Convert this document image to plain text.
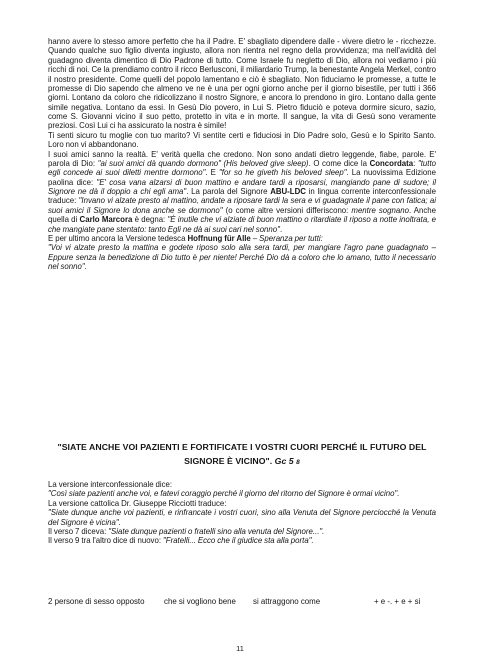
hanno avere lo stesso amore perfetto che ha il Padre. E' sbagliato dipendere dalle - vivere dietro le - ricchezze. Quando qualche suo figlio diventa ingiusto, allora non rientra nel regno della provvidenza; ma nell'avidità del guadagno diventa dimentico di Dio Padrone di tutto. Come Israele fu negletto di Dio, allora noi vediamo i più ricchi di noi. Ce la prendiamo contro il ricco Berlusconi, il miliardario Trump, la benestante Angela Merkel, contro il nostro presidente. Come quelli del popolo lamentano e ciò è sbagliato. Non fiduciamo le promesse, a tutte le promesse di Dio sapendo che almeno ve ne è una per ogni giorno anche per il giorno bisestile, per tutti i 366 giorni. Lontano da coloro che ridicolizzano il nostro Signore, e ancora lo prendono in giro. Lontano dalla gente simile negativa. Lontano da essi. In Gesù Dio povero, in Lui S. Pietro fiduciò e poteva dormire sicuro, sazio, come S. Giovanni vicino il suo petto, protetto in vita e in morte. Il sangue, la vita di Gesù sono veramente preziosi. Così Lui ci ha assicurato la nostra è simile!

Ti senti sicuro tu moglie con tuo marito? Vi sentite certi e fiduciosi in Dio Padre solo, Gesù e lo Spirito Santo. Loro non vi abbandonano.

I suoi amici sanno la realtà. E' verità quella che credono. Non sono andati dietro leggende, fiabe, parole. E' parola di Dio: "ai suoi amici dà quando dormono" (His beloved give sleep). O come dice la Concordata: "tutto egli concede ai suoi diletti mentre dormono". E "for so he giveth his beloved sleep". La nuovissima Edizione paolina dice: "E' cosa vana alzarsi di buon mattino e andare tardi a riposarsi, mangiando pane di sudore; il Signore ne dà il doppio a chi egli ama". La parola del Signore ABU-LDC in lingua corrente interconfessionale traduce: "Invano vi alzate presto al mattino, andate a riposare tardi la sera e vi guadagnate il pane con fatica; ai suoi amici il Signore lo dona anche se dormono" (o come altre versioni differiscono: mentre sognano. Anche quella di Carlo Marcora è degna: "È inutile che vi alziate di buon mattino o ritardiate il riposo a notte inoltrata, e che mangiate pane stentato: tanto Egli ne dà ai suoi cari nel sonno".

E per ultimo ancora la Versione tedesca Hoffnung für Alle – Speranza per tutti:

"Voi vi alzate presto la mattina e godete riposo solo alla sera tardi, per mangiare l'agro pane guadagnato – Eppure senza la benedizione di Dio tutto è per niente! Perché Dio dà a coloro che lo amano, tutto il necessario nel sonno".

"SIATE ANCHE VOI PAZIENTI E FORTIFICATE I VOSTRI CUORI PERCHÉ IL FUTURO DEL SIGNORE È VICINO". Gc 5 8

La versione interconfessionale dice:

"Così siate pazienti anche voi, e fatevi coraggio perché il giorno del ritorno del Signore è ormai vicino".

La versione cattolica Dr. Giuseppe Ricciotti traduce:

"Siate dunque anche voi pazienti, e rinfrancate i vostri cuori, sino alla Venuta del Signore perciocché la Venuta del Signore è vicina".

Il verso 7 diceva: "Siate dunque pazienti o fratelli sino alla venuta del Signore...".

Il verso 9 tra l'altro dice di nuovo: "Fratelli... Ecco che il giudice sta alla porta".

2 persone di sesso opposto che si vogliono bene si attraggono come	+ e -. + e + si
11
